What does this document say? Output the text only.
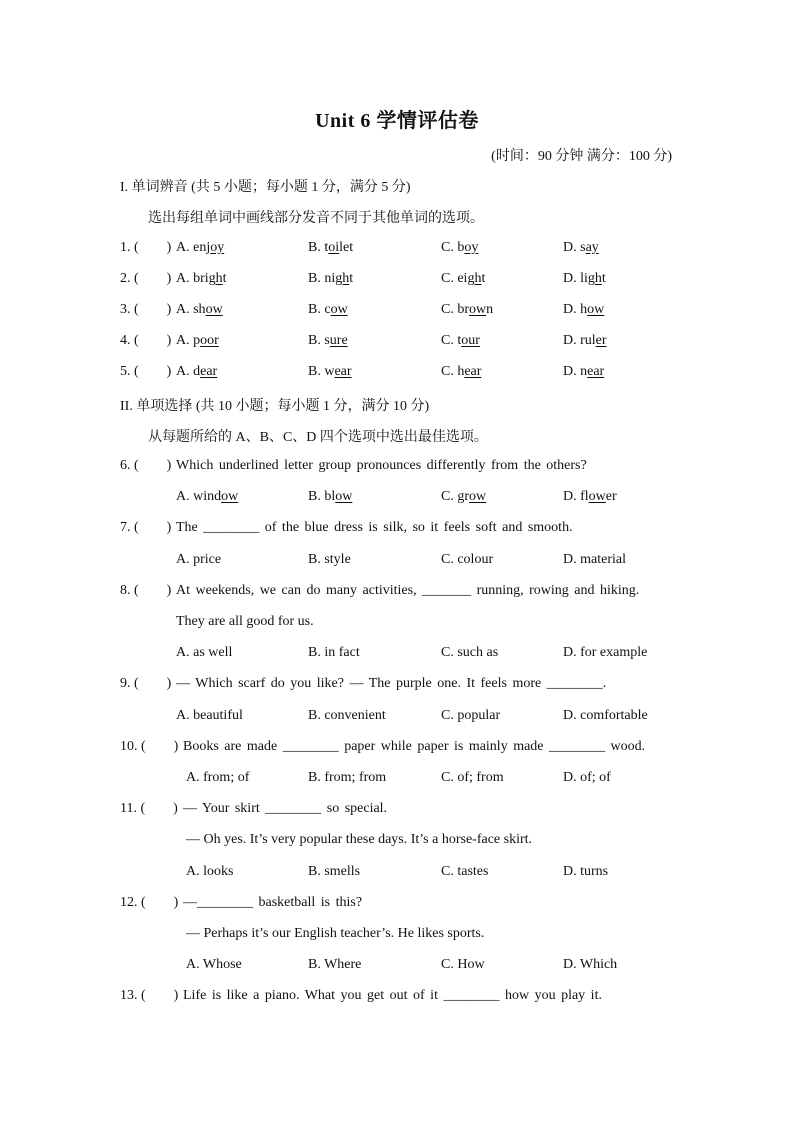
Unit 6 学情评估卷
(时间：90 分钟 满分：100 分)
I. 单词辨音 (共 5 小题；每小题 1 分，满分 5 分)
选出每组单词中画线部分发音不同于其他单词的选项。
1. (        ) A. enjoy	B. toilet	C. boy	D. say
2. (        ) A. bright	B. night	C. eight	D. light
3. (        ) A. show	B. cow	C. brown	D. how
4. (        ) A. poor	B. sure	C. tour	D. ruler
5. (        ) A. dear	B. wear	C. hear	D. near
II. 单项选择 (共 10 小题；每小题 1 分，满分 10 分)
从每题所给的 A、B、C、D 四个选项中选出最佳选项。
6. (        ) Which underlined letter group pronounces differently from the others?
A. window	B. blow	C. grow	D. flower
7. (        ) The ________ of the blue dress is silk, so it feels soft and smooth.
A. price	B. style	C. colour	D. material
8. (        ) At weekends, we can do many activities, _______ running, rowing and hiking.
They are all good for us.
A. as well	B. in fact	C. such as	D. for example
9. (        ) — Which scarf do you like? — The purple one. It feels more ________.
A. beautiful	B. convenient	C. popular	D. comfortable
10. (        ) Books are made ________ paper while paper is mainly made ________ wood.
A. from; of	B. from; from	C. of; from	D. of; of
11. (        ) — Your skirt ________ so special.
— Oh yes. It’s very popular these days. It’s a horse-face skirt.
A. looks	B. smells	C. tastes	D. turns
12. (        ) —________ basketball is this?
— Perhaps it’s our English teacher’s. He likes sports.
A. Whose	B. Where	C. How	D. Which
13. (        ) Life is like a piano. What you get out of it ________ how you play it.
